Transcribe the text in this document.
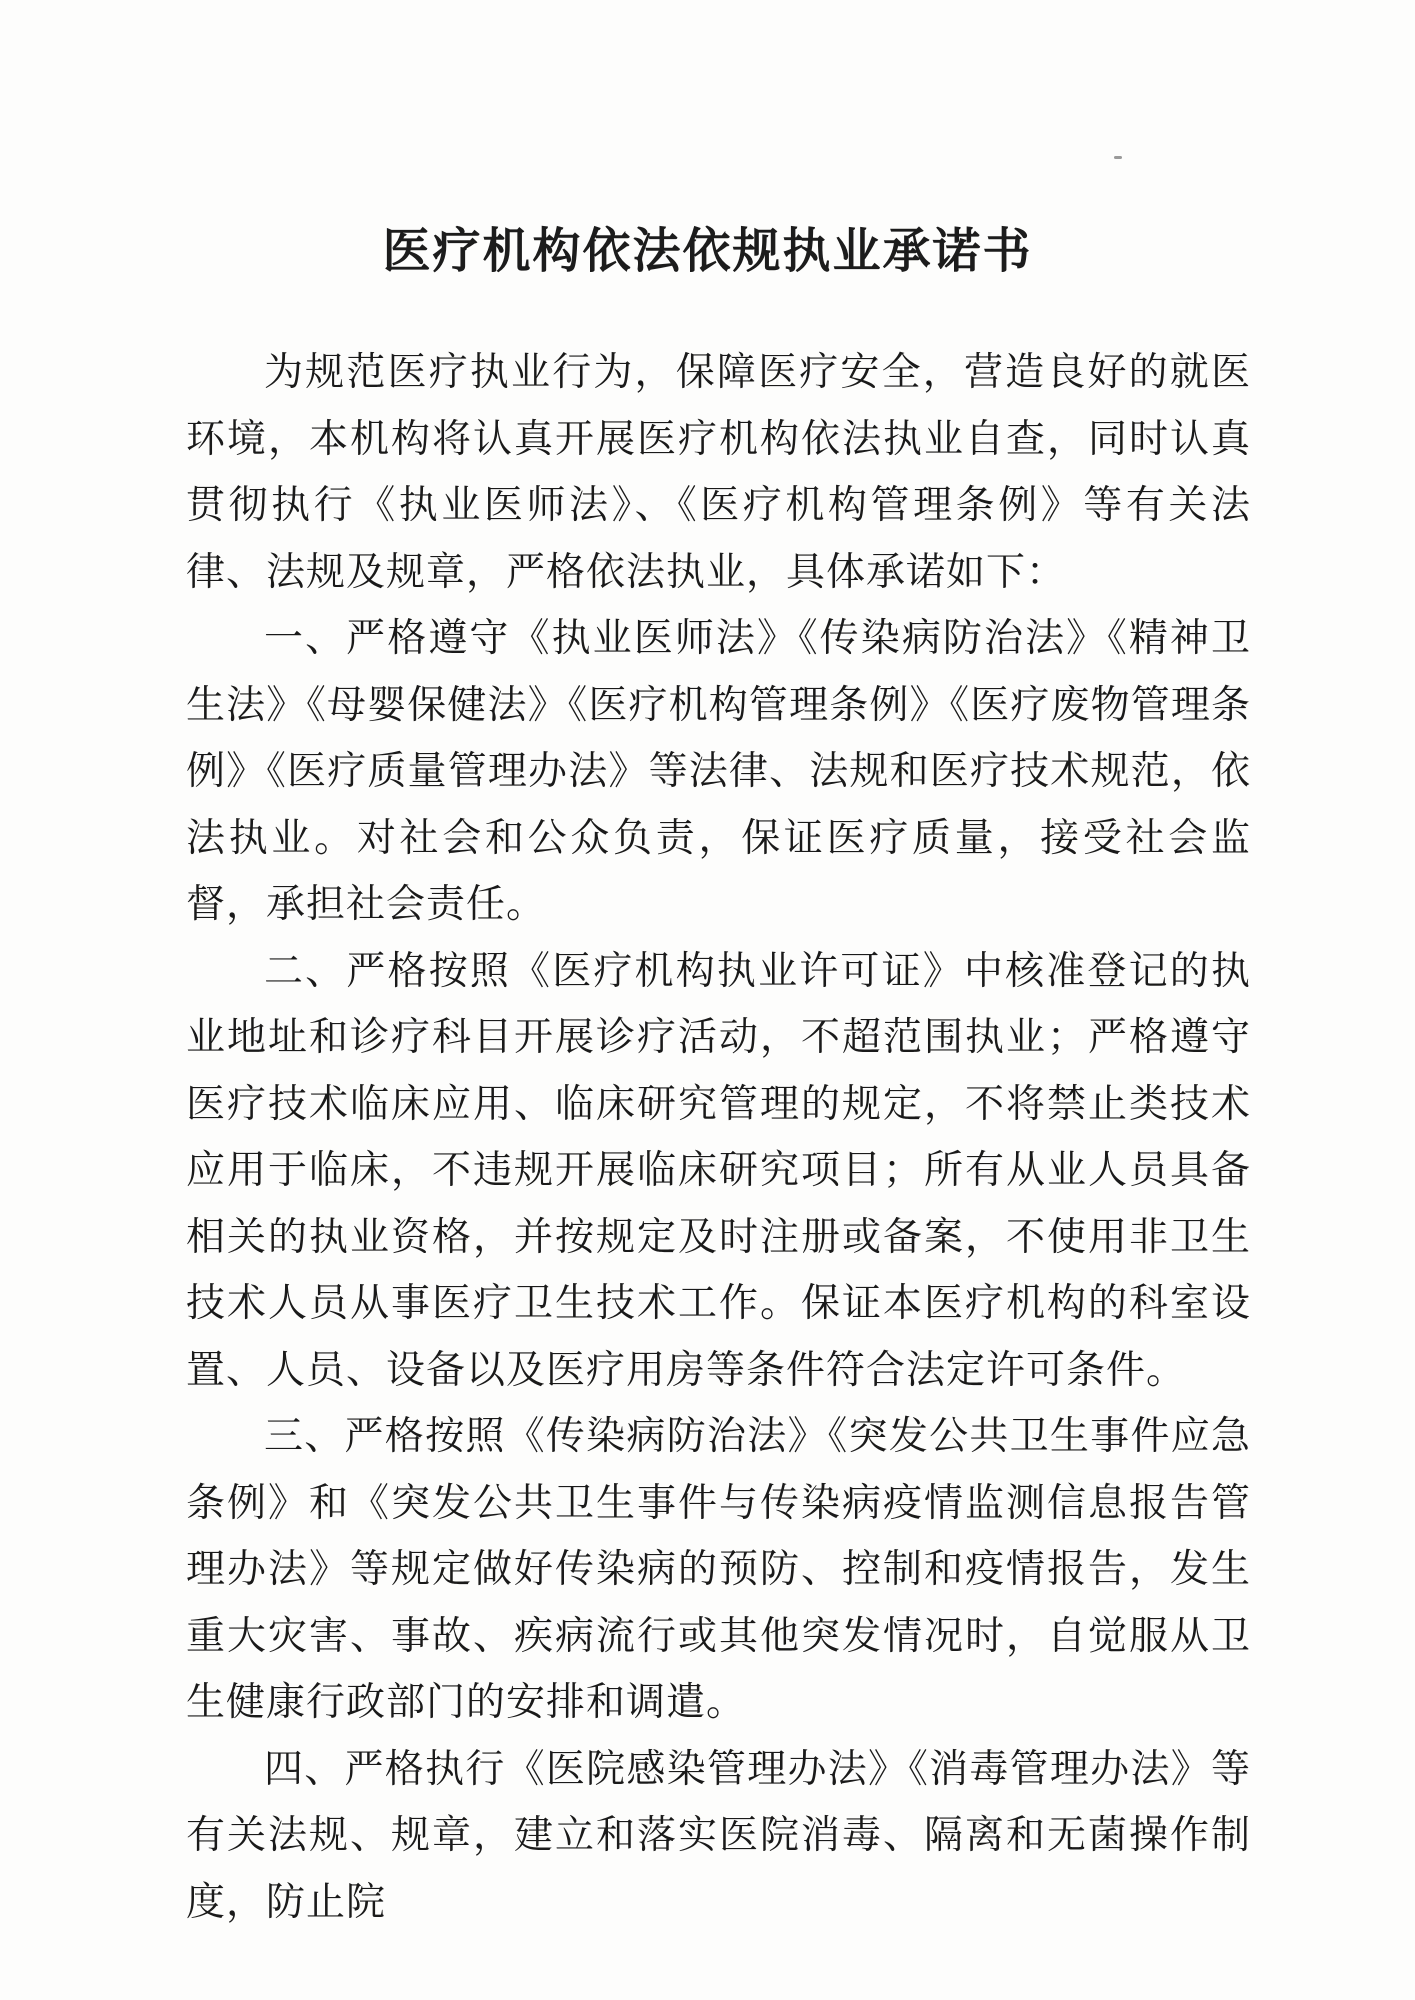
医疗机构依法依规执业承诺书

为规范医疗执业行为，保障医疗安全，营造良好的就医环境，本机构将认真开展医疗机构依法执业自查，同时认真贯彻执行《执业医师法》、《医疗机构管理条例》等有关法律、法规及规章，严格依法执业，具体承诺如下：

一、严格遵守《执业医师法》《传染病防治法》《精神卫生法》《母婴保健法》《医疗机构管理条例》《医疗废物管理条例》《医疗质量管理办法》等法律、法规和医疗技术规范，依法执业。对社会和公众负责，保证医疗质量，接受社会监督，承担社会责任。

二、严格按照《医疗机构执业许可证》中核准登记的执业地址和诊疗科目开展诊疗活动，不超范围执业；严格遵守医疗技术临床应用、临床研究管理的规定，不将禁止类技术应用于临床，不违规开展临床研究项目；所有从业人员具备相关的执业资格，并按规定及时注册或备案，不使用非卫生技术人员从事医疗卫生技术工作。保证本医疗机构的科室设置、人员、设备以及医疗用房等条件符合法定许可条件。

三、严格按照《传染病防治法》《突发公共卫生事件应急条例》和《突发公共卫生事件与传染病疫情监测信息报告管理办法》等规定做好传染病的预防、控制和疫情报告，发生重大灾害、事故、疾病流行或其他突发情况时，自觉服从卫生健康行政部门的安排和调遣。

四、严格执行《医院感染管理办法》《消毒管理办法》等有关法规、规章，建立和落实医院消毒、隔离和无菌操作制度，防止院
